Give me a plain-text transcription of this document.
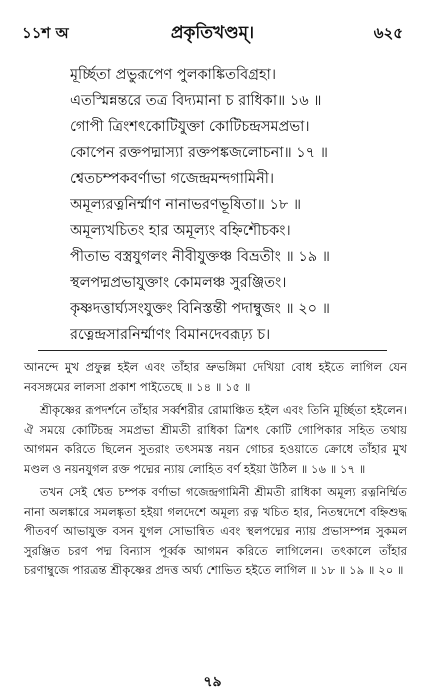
১১শ অ	প্রকৃতিখণ্ডম্‌।	৬২৫
মূর্চ্ছিতা প্রভুরূপেণ পুলকাঙ্কিতবিগ্রহা।
এতস্মিন্নন্তরে তত্র বিদ্যমানা চ রাধিকা॥ ১৬ ॥
গোপী ত্রিংশৎকোটিযুক্তা কোটিচন্দ্রসমপ্রভা।
কোপেন রক্তপদ্মাস্যা রক্তপঙ্কজলোচনা॥ ১৭ ॥
শ্বেতচম্পকবর্ণাভা গজেন্দ্রমন্দগামিনী।
অমূল্যরত্ননির্ম্মাণ নানাভরণভূষিতা॥ ১৮ ॥
অমূল্যখচিতং হার অমূল্যং বহ্নিশৌচকং।
পীতাভ বস্ত্রযুগলং নীবীযুক্তঞ্চ বিভ্রতীং ॥ ১৯ ॥
স্থলপদ্মপ্রভাযুক্তাং কোমলঞ্চ সুরঞ্জিতং।
কৃষ্ণদত্তার্ঘ্যসংযুক্তং বিনিস্তন্তী পদাম্বুজং ॥ ২০ ॥
রত্নেন্দ্রসারনির্ম্মাণং বিমানদেবরূঢ়্য চ।

আনন্দে মুখ প্রফুল্ল হইল এবং তাঁহার ভ্রুভঙ্গিমা দেখিয়া বোধ হইতে লাগিল যেন নবসঙ্গমের লালসা প্রকাশ পাইতেছে ॥ ১৪ ॥ ১৫ ॥

শ্রীকৃষ্ণের রূপদর্শনে তাঁহার সর্ব্বশরীর রোমাঞ্চিত হইল এবং তিনি মূর্চ্ছিতা হইলেন। ঐ সময়ে কোটিচন্দ্র সমপ্রভা শ্রীমতী রাধিকা ত্রিশৎ কোটি গোপিকার সহিত তথায় আগমন করিতে ছিলেন সুতরাং তৎসমস্ত নয়ন গোচর হওয়াতে ক্রোধে তাঁহার মুখ মণ্ডল ও নয়নযুগল রক্ত পদ্মের ন্যায় লোহিত বর্ণ হইয়া উঠিল ॥ ১৬ ॥ ১৭ ॥

তখন সেই শ্বেত চম্পক বর্ণাভা গজেন্দ্রগামিনী শ্রীমতী রাধিকা অমূল্য রত্ননির্ম্মিত নানা অলঙ্কারে সমলঙ্কৃতা হইয়া গলদেশে অমূল্য রত্ন খচিত হার, নিতম্বদেশে বহ্নিশুদ্ধ পীতবর্ণ আভাযুক্ত বসন যুগল সোভান্বিত এবং স্থলপদ্মের ন্যায় প্রভাসম্পন্ন সুকমল সুরঞ্জিত চরণ পদ্ম বিন্যাস পূর্ব্বক আগমন করিতে লাগিলেন। তৎকালে তাঁহার চরণাম্বুজে পারত্রন্ত শ্রীকৃষ্ণের প্রদত্ত অর্ঘ্য শোভিত হইতে লাগিল ॥ ১৮ ॥ ১৯ ॥ ২০ ॥

৭৯
